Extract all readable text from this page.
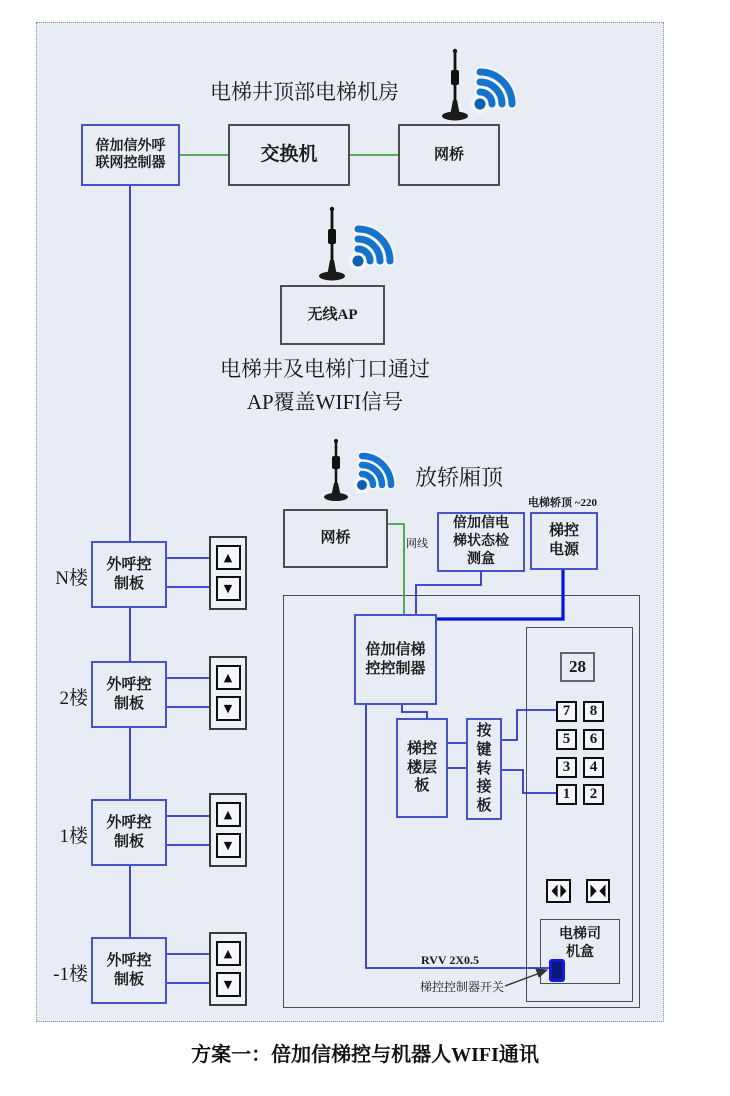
电梯井顶部电梯机房
电梯井及电梯门口通过
AP覆盖WIFI信号
放轿厢顶
电梯轿顶 ~220
网线
RVV 2X0.5
梯控控制器开关
倍加信外呼联网控制器	交换机	网桥
无线AP
网桥
倍加信电梯状态检测盒
梯控电源
倍加信梯控控制器
梯控楼层板
按键转接板
28
7 8
5 6
3 4
1 2
电梯司机盒
N楼
外呼控制板
▲
▼
2楼
外呼控制板
▲
▼
1楼
外呼控制板
▲
▼
-1楼
外呼控制板
▲
▼
方案一：倍加信梯控与机器人WIFI通讯
